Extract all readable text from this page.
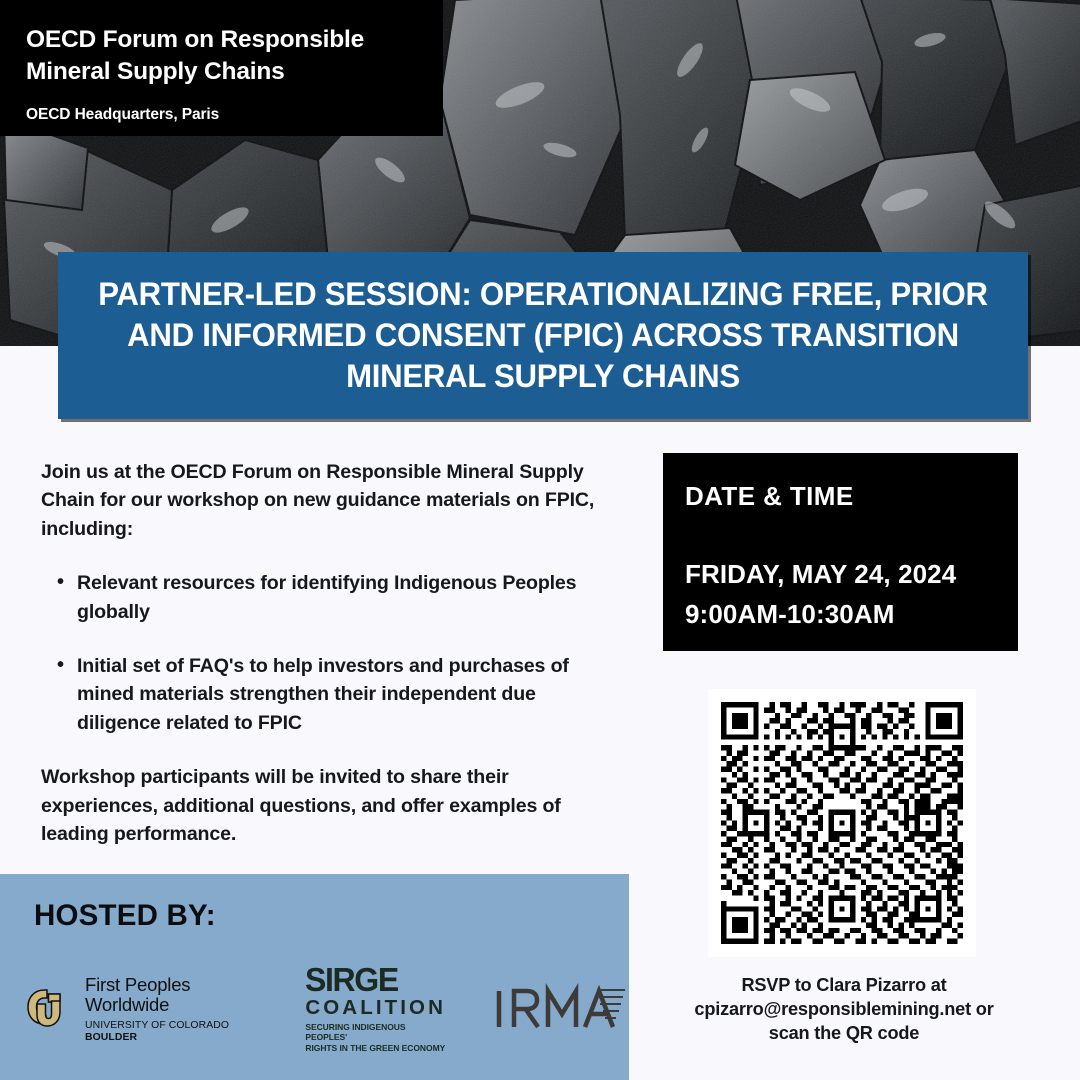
OECD Forum on Responsible Mineral Supply Chains
OECD Headquarters, Paris
PARTNER-LED SESSION: OPERATIONALIZING FREE, PRIOR AND INFORMED CONSENT (FPIC) ACROSS TRANSITION MINERAL SUPPLY CHAINS

Join us at the OECD Forum on Responsible Mineral Supply Chain for our workshop on new guidance materials on FPIC, including:

• Relevant resources for identifying Indigenous Peoples globally
• Initial set of FAQ's to help investors and purchases of mined materials strengthen their independent due diligence related to FPIC

Workshop participants will be invited to share their experiences, additional questions, and offer examples of leading performance.

DATE & TIME
FRIDAY, MAY 24, 2024
9:00AM-10:30AM
RSVP to Clara Pizarro at
cpizarro@responsiblemining.net or
scan the QR code
HOSTED BY:
First Peoples Worldwide
UNIVERSITY OF COLORADO BOULDER
SIRGE
COALITION
SECURING INDIGENOUS PEOPLES'
RIGHTS IN THE GREEN ECONOMY
